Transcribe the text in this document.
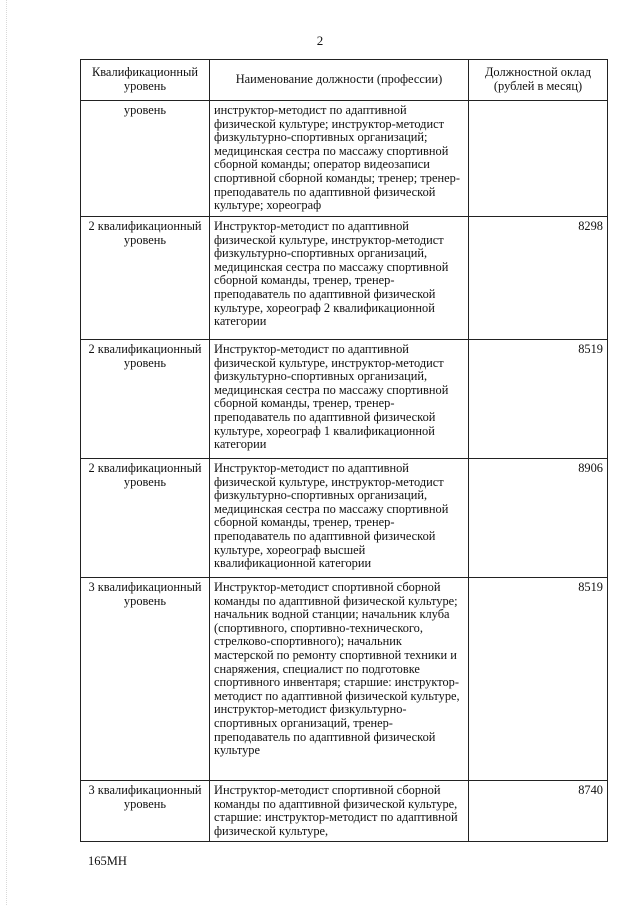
2
Квалификационный уровень	Наименование должности (профессии)	Должностной оклад (рублей в месяц)
уровень	инструктор-методист по адаптивной физической культуре; инструктор-методист физкультурно-спортивных организаций; медицинская сестра по массажу спортивной сборной команды; оператор видеозаписи спортивной сборной команды; тренер; тренер-преподаватель по адаптивной физической культуре; хореограф	
2 квалификационный уровень	Инструктор-методист по адаптивной физической культуре, инструктор-методист физкультурно-спортивных организаций, медицинская сестра по массажу спортивной сборной команды, тренер, тренер-преподаватель по адаптивной физической культуре, хореограф 2 квалификационной категории	8298
2 квалификационный уровень	Инструктор-методист по адаптивной физической культуре, инструктор-методист физкультурно-спортивных организаций, медицинская сестра по массажу спортивной сборной команды, тренер, тренер-преподаватель по адаптивной физической культуре, хореограф 1 квалификационной категории	8519
2 квалификационный уровень	Инструктор-методист по адаптивной физической культуре, инструктор-методист физкультурно-спортивных организаций, медицинская сестра по массажу спортивной сборной команды, тренер, тренер-преподаватель по адаптивной физической культуре, хореограф высшей квалификационной категории	8906
3 квалификационный уровень	Инструктор-методист спортивной сборной команды по адаптивной физической культуре; начальник водной станции; начальник клуба (спортивного, спортивно-технического, стрелково-спортивного); начальник мастерской по ремонту спортивной техники и снаряжения, специалист по подготовке спортивного инвентаря; старшие: инструктор-методист по адаптивной физической культуре, инструктор-методист физкультурно-спортивных организаций, тренер-преподаватель по адаптивной физической культуре	8519
3 квалификационный уровень	Инструктор-методист спортивной сборной команды по адаптивной физической культуре, старшие: инструктор-методист по адаптивной физической культуре,	8740
165МН
